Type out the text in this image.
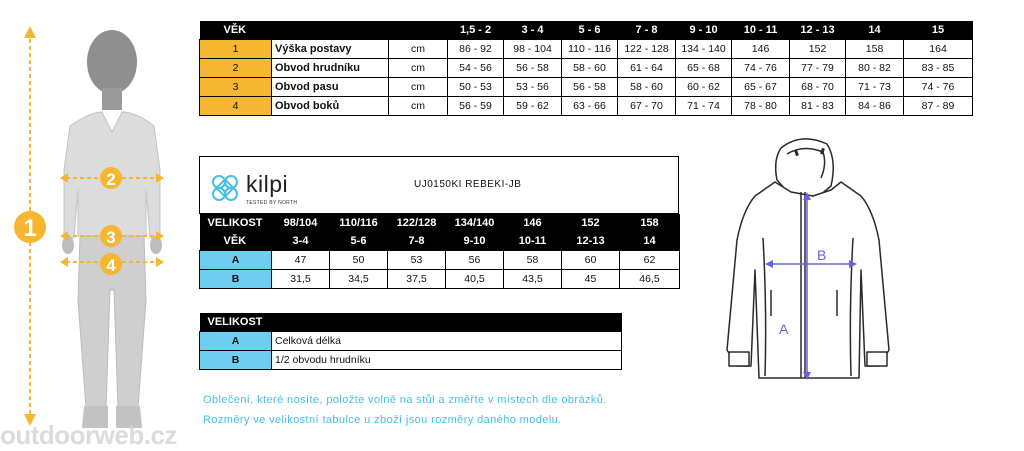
1
2
3
4
VĚK			1,5 - 2	3 - 4	5 - 6	7 - 8	9 - 10	10 - 11	12 - 13	14	15
1	Výška postavy	cm	86 - 92	98 - 104	110 - 116	122 - 128	134 - 140	146	152	158	164
2	Obvod hrudníku	cm	54 - 56	56 - 58	58 - 60	61 - 64	65 - 68	74 - 76	77 - 79	80 - 82	83 - 85
3	Obvod pasu	cm	50 - 53	53 - 56	56 - 58	58 - 60	60 - 62	65 - 67	68 - 70	71 - 73	74 - 76
4	Obvod boků	cm	56 - 59	59 - 62	63 - 66	67 - 70	71 - 74	78 - 80	81 - 83	84 - 86	87 - 89
kilpi
TESTED BY NORTH
UJ0150KI REBEKI-JB
VELIKOST	98/104	110/116	122/128	134/140	146	152	158
VĚK	3-4	5-6	7-8	9-10	10-11	12-13	14
A	47	50	53	56	58	60	62
B	31,5	34,5	37,5	40,5	43,5	45	46,5
VELIKOST	
A	Celková délka
B	1/2 obvodu hrudníku
Oblečení, které nosíte, položte volně na stůl a změřte v místech dle obrázků.
Rozměry ve velikostní tabulce u zboží jsou rozměry daného modelu.
B
A
outdoorweb.cz
